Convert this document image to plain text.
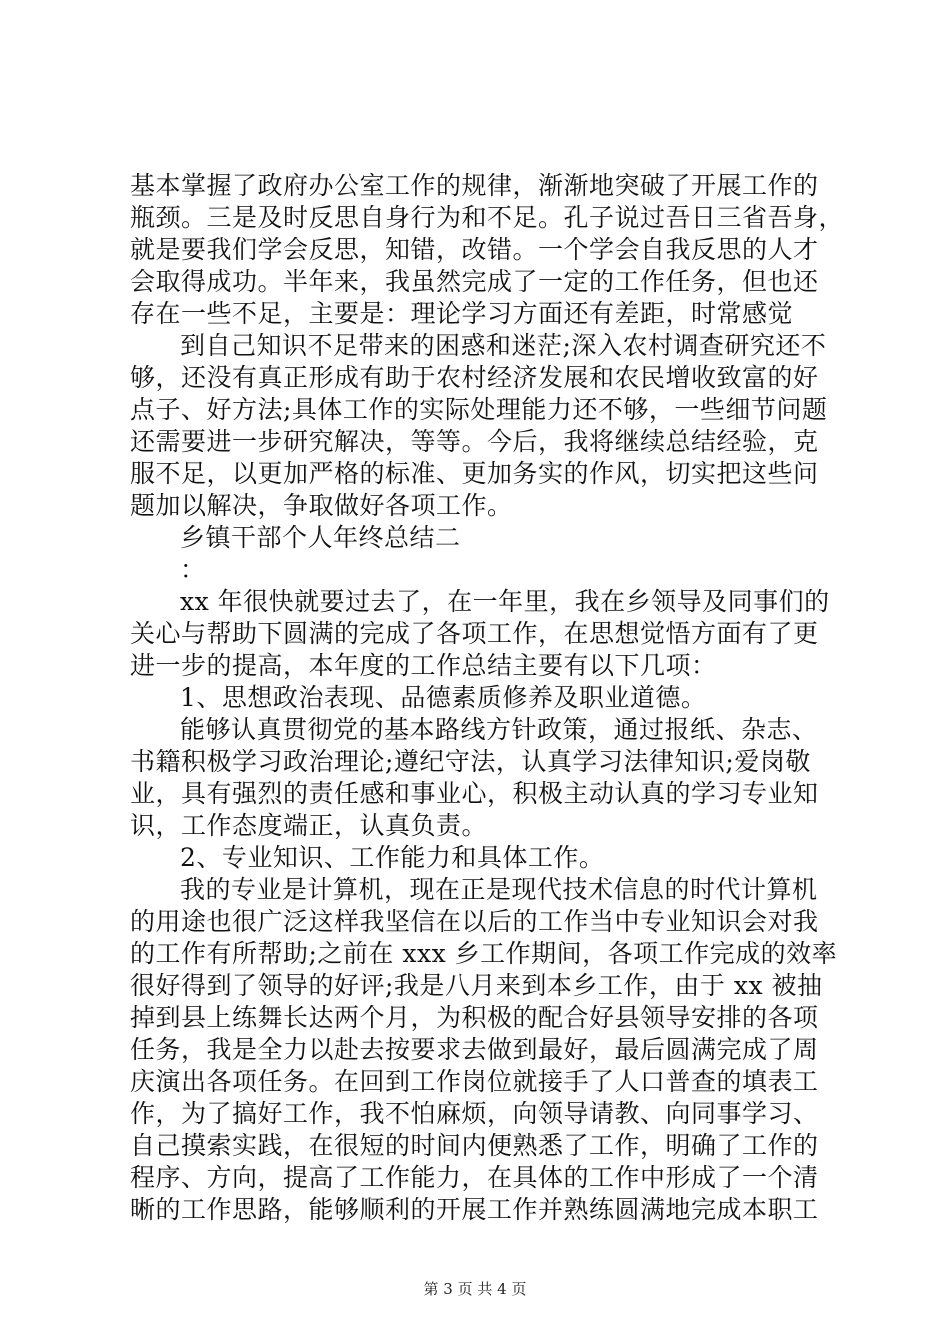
基本掌握了政府办公室工作的规律，渐渐地突破了开展工作的
瓶颈。三是及时反思自身行为和不足。孔子说过吾日三省吾身，
就是要我们学会反思，知错，改错。一个学会自我反思的人才
会取得成功。半年来，我虽然完成了一定的工作任务，但也还
存在一些不足，主要是：理论学习方面还有差距，时常感觉
到自己知识不足带来的困惑和迷茫;深入农村调查研究还不
够，还没有真正形成有助于农村经济发展和农民增收致富的好
点子、好方法;具体工作的实际处理能力还不够，一些细节问题
还需要进一步研究解决，等等。今后，我将继续总结经验，克
服不足，以更加严格的标准、更加务实的作风，切实把这些问
题加以解决，争取做好各项工作。
乡镇干部个人年终总结二
：
xx 年很快就要过去了，在一年里，我在乡领导及同事们的
关心与帮助下圆满的完成了各项工作，在思想觉悟方面有了更
进一步的提高，本年度的工作总结主要有以下几项：
1、思想政治表现、品德素质修养及职业道德。
能够认真贯彻党的基本路线方针政策，通过报纸、杂志、
书籍积极学习政治理论;遵纪守法，认真学习法律知识;爱岗敬
业，具有强烈的责任感和事业心，积极主动认真的学习专业知
识，工作态度端正，认真负责。
2、专业知识、工作能力和具体工作。
我的专业是计算机，现在正是现代技术信息的时代计算机
的用途也很广泛这样我坚信在以后的工作当中专业知识会对我
的工作有所帮助;之前在 xxx 乡工作期间，各项工作完成的效率
很好得到了领导的好评;我是八月来到本乡工作，由于 xx 被抽
掉到县上练舞长达两个月，为积极的配合好县领导安排的各项
任务，我是全力以赴去按要求去做到最好，最后圆满完成了周
庆演出各项任务。在回到工作岗位就接手了人口普查的填表工
作，为了搞好工作，我不怕麻烦，向领导请教、向同事学习、
自己摸索实践，在很短的时间内便熟悉了工作，明确了工作的
程序、方向，提高了工作能力，在具体的工作中形成了一个清
晰的工作思路，能够顺利的开展工作并熟练圆满地完成本职工
第 3 页 共 4 页
